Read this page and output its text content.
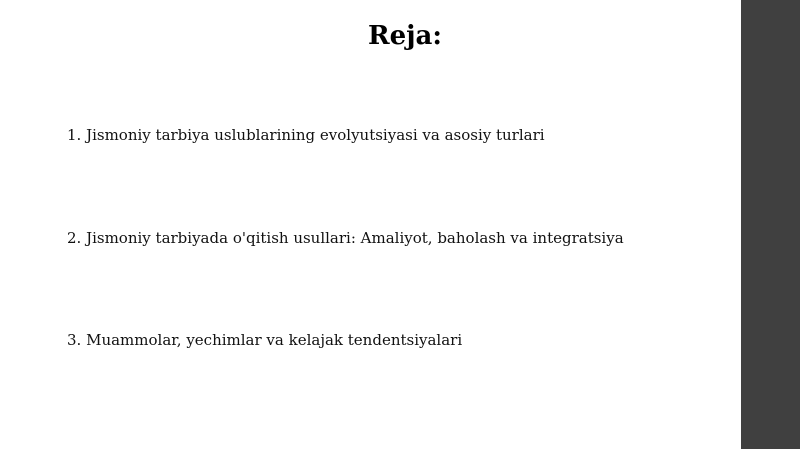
Reja:

1. Jismoniy tarbiya uslublarining evolyutsiyasi va asosiy turlari

2. Jismoniy tarbiyada o'qitish usullari: Amaliyot, baholash va integratsiya

3. Muammolar, yechimlar va kelajak tendentsiyalari
